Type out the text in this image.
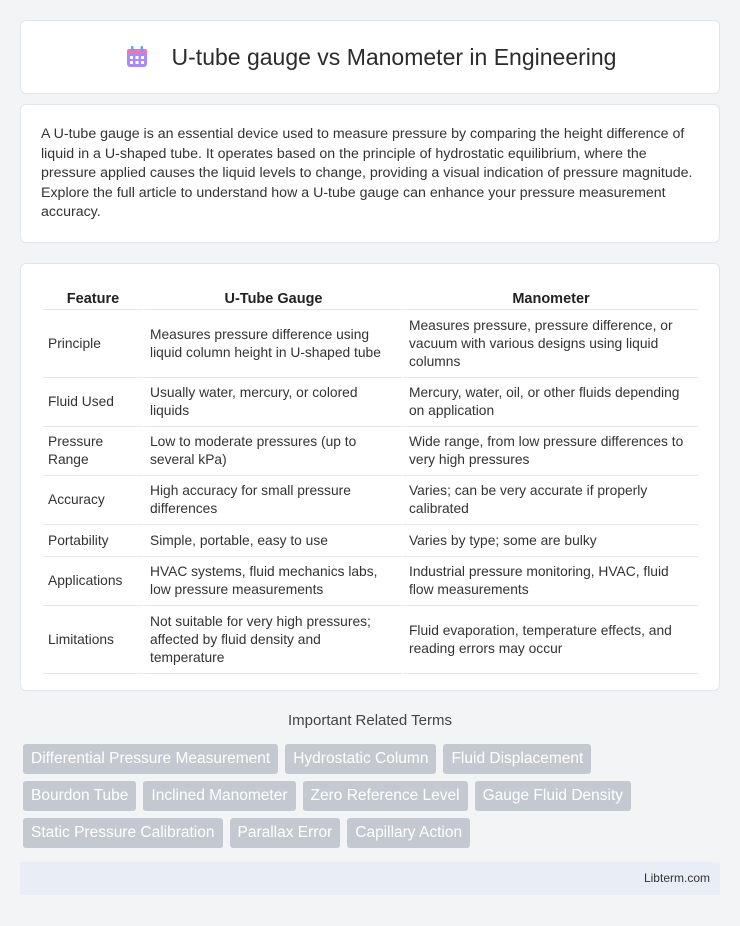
U-tube gauge vs Manometer in Engineering

A U-tube gauge is an essential device used to measure pressure by comparing the height difference of liquid in a U-shaped tube. It operates based on the principle of hydrostatic equilibrium, where the pressure applied causes the liquid levels to change, providing a visual indication of pressure magnitude. Explore the full article to understand how a U-tube gauge can enhance your pressure measurement accuracy.

Feature	U-Tube Gauge	Manometer
Principle	Measures pressure difference using liquid column height in U-shaped tube	Measures pressure, pressure difference, or vacuum with various designs using liquid columns
Fluid Used	Usually water, mercury, or colored liquids	Mercury, water, oil, or other fluids depending on application
Pressure Range	Low to moderate pressures (up to several kPa)	Wide range, from low pressure differences to very high pressures
Accuracy	High accuracy for small pressure differences	Varies; can be very accurate if properly calibrated
Portability	Simple, portable, easy to use	Varies by type; some are bulky
Applications	HVAC systems, fluid mechanics labs, low pressure measurements	Industrial pressure monitoring, HVAC, fluid flow measurements
Limitations	Not suitable for very high pressures; affected by fluid density and temperature	Fluid evaporation, temperature effects, and reading errors may occur
Important Related Terms
Differential Pressure Measurement	Hydrostatic Column	Fluid Displacement
Bourdon Tube	Inclined Manometer	Zero Reference Level	Gauge Fluid Density
Static Pressure Calibration	Parallax Error	Capillary Action
Libterm.com
